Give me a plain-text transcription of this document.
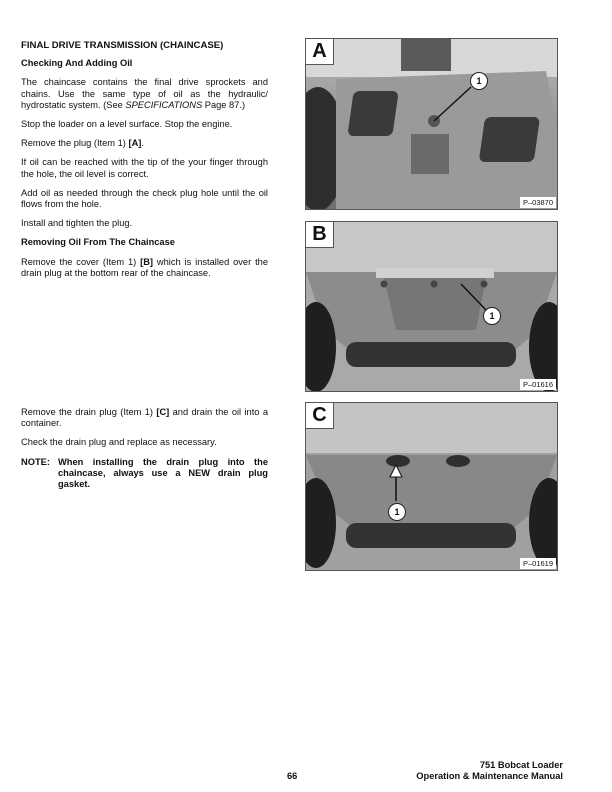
FINAL DRIVE TRANSMISSION (CHAINCASE)

Checking And Adding Oil

The chaincase contains the final drive sprockets and chains. Use the same type of oil as the hydraulic/ hydrostatic system. (See SPECIFICATIONS Page 87.)

Stop the loader on a level surface. Stop the engine.

Remove the plug (Item 1) [A].

If oil can be reached with the tip of the your finger through the hole, the oil level is correct.

Add oil as needed through the check plug hole until the oil flows from the hole.

Install and tighten the plug.

Removing Oil From The Chaincase

Remove the cover (Item 1) [B] which is installed over the drain plug at the bottom rear of the chaincase.

Remove the drain plug (Item 1) [C] and drain the oil into a container.

Check the drain plug and replace as necessary.

NOTE: When installing the drain plug into the chaincase, always use a NEW drain plug gasket.
A
1
P–03870
B
1
P–01616
C
1
P–01619
66
751 Bobcat Loader
Operation & Maintenance Manual
